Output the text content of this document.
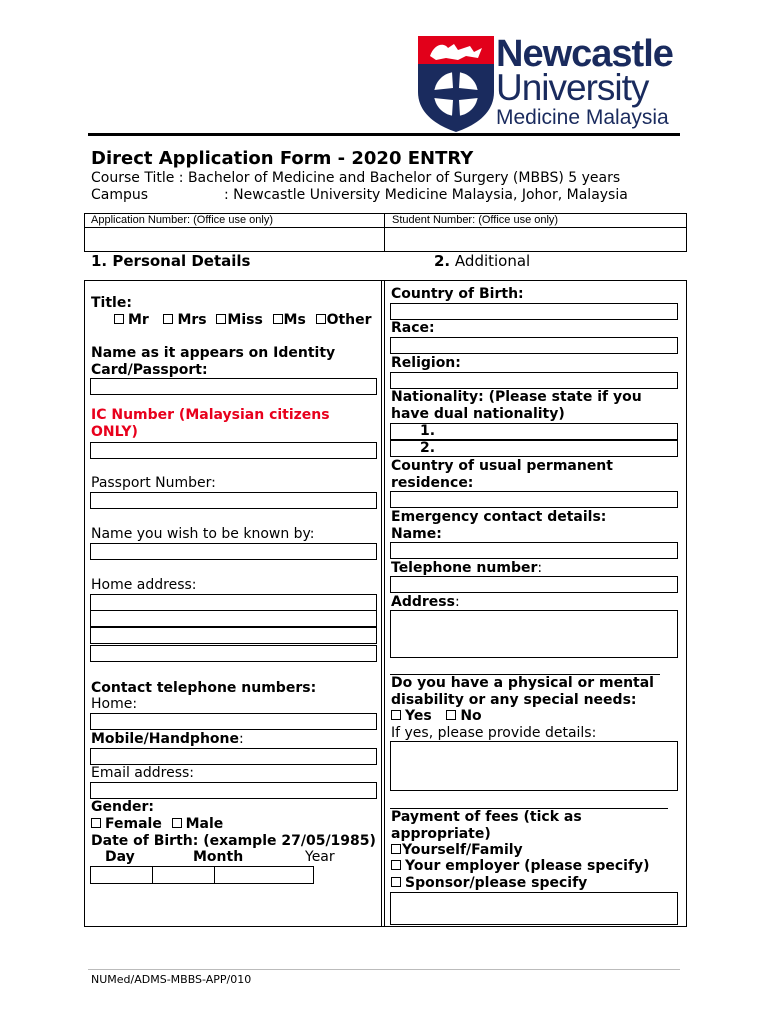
Newcastle
University
Medicine Malaysia
Direct Application Form - 2020 ENTRY
Course Title : Bachelor of Medicine and Bachelor of Surgery (MBBS) 5 years
Campus	: Newcastle University Medicine Malaysia, Johor, Malaysia
Application Number: (Office use only)	Student Number: (Office use only)
1. Personal Details	2. Additional
Title:
Mr Mrs Miss Ms Other
Name as it appears on Identity
Card/Passport:
IC Number (Malaysian citizens
ONLY)
Passport Number:
Name you wish to be known by:
Home address:
Contact telephone numbers:
Home:
Mobile/Handphone:
Email address:
Gender:
Female Male
Date of Birth: (example 27/05/1985)
Day	Month	Year
Country of Birth:
Race:
Religion:
Nationality: (Please state if you
have dual nationality)
1.
2.
Country of usual permanent
residence:
Emergency contact details:
Name:
Telephone number:
Address:
Do you have a physical or mental
disability or any special needs:
Yes No
If yes, please provide details:
Payment of fees (tick as
appropriate)
Yourself/Family
Your employer (please specify)
Sponsor/please specify
NUMed/ADMS-MBBS-APP/010
